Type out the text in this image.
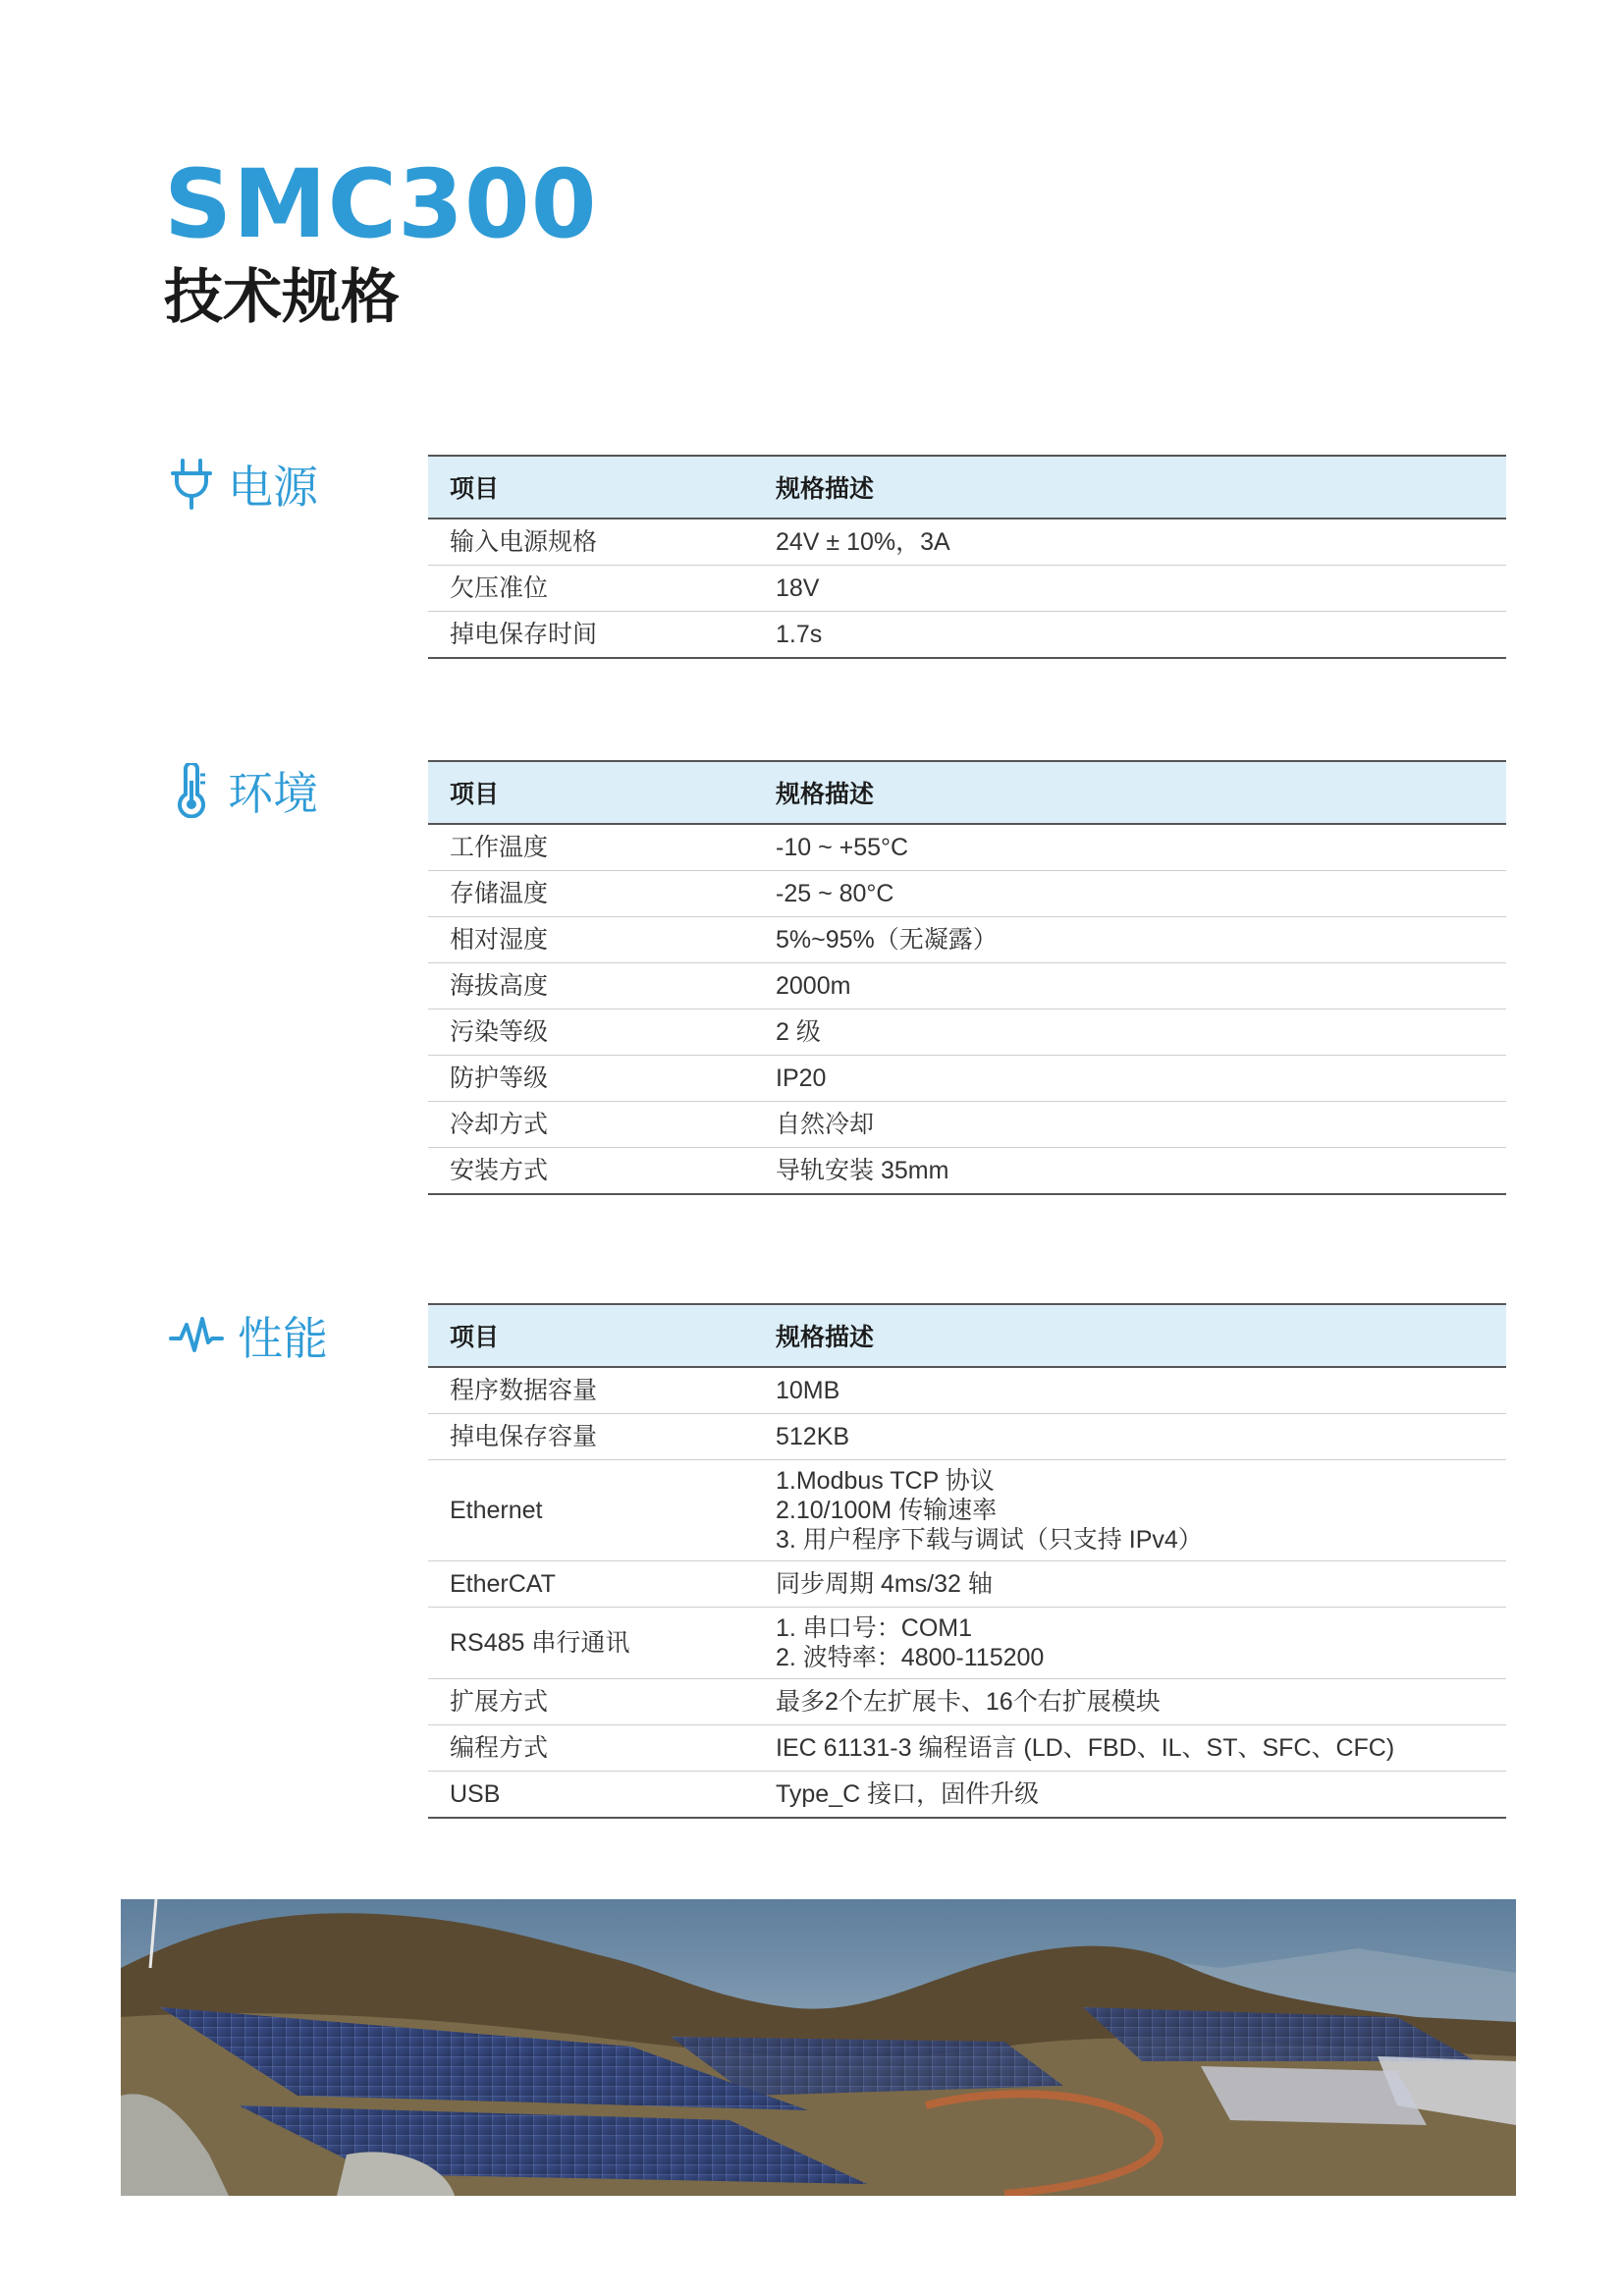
SMC300
技术规格
电源	项目	规格描述
输入电源规格	24V ± 10%，3A
欠压准位	18V
掉电保存时间	1.7s
环境	项目	规格描述
工作温度	-10 ~ +55°C
存储温度	-25 ~ 80°C
相对湿度	5%~95%（无凝露）
海拔高度	2000m
污染等级	2 级
防护等级	IP20
冷却方式	自然冷却
安装方式	导轨安装 35mm
性能	项目	规格描述
程序数据容量	10MB
掉电保存容量	512KB
Ethernet	1.Modbus TCP 协议
2.10/100M 传输速率
3. 用户程序下载与调试（只支持 IPv4）

EtherCAT	同步周期 4ms/32 轴
RS485 串行通讯	1. 串口号：COM1
2. 波特率：4800-115200

扩展方式	最多2个左扩展卡、16个右扩展模块
编程方式	IEC 61131-3 编程语言 (LD、FBD、IL、ST、SFC、CFC)
USB	Type_C 接口，固件升级
